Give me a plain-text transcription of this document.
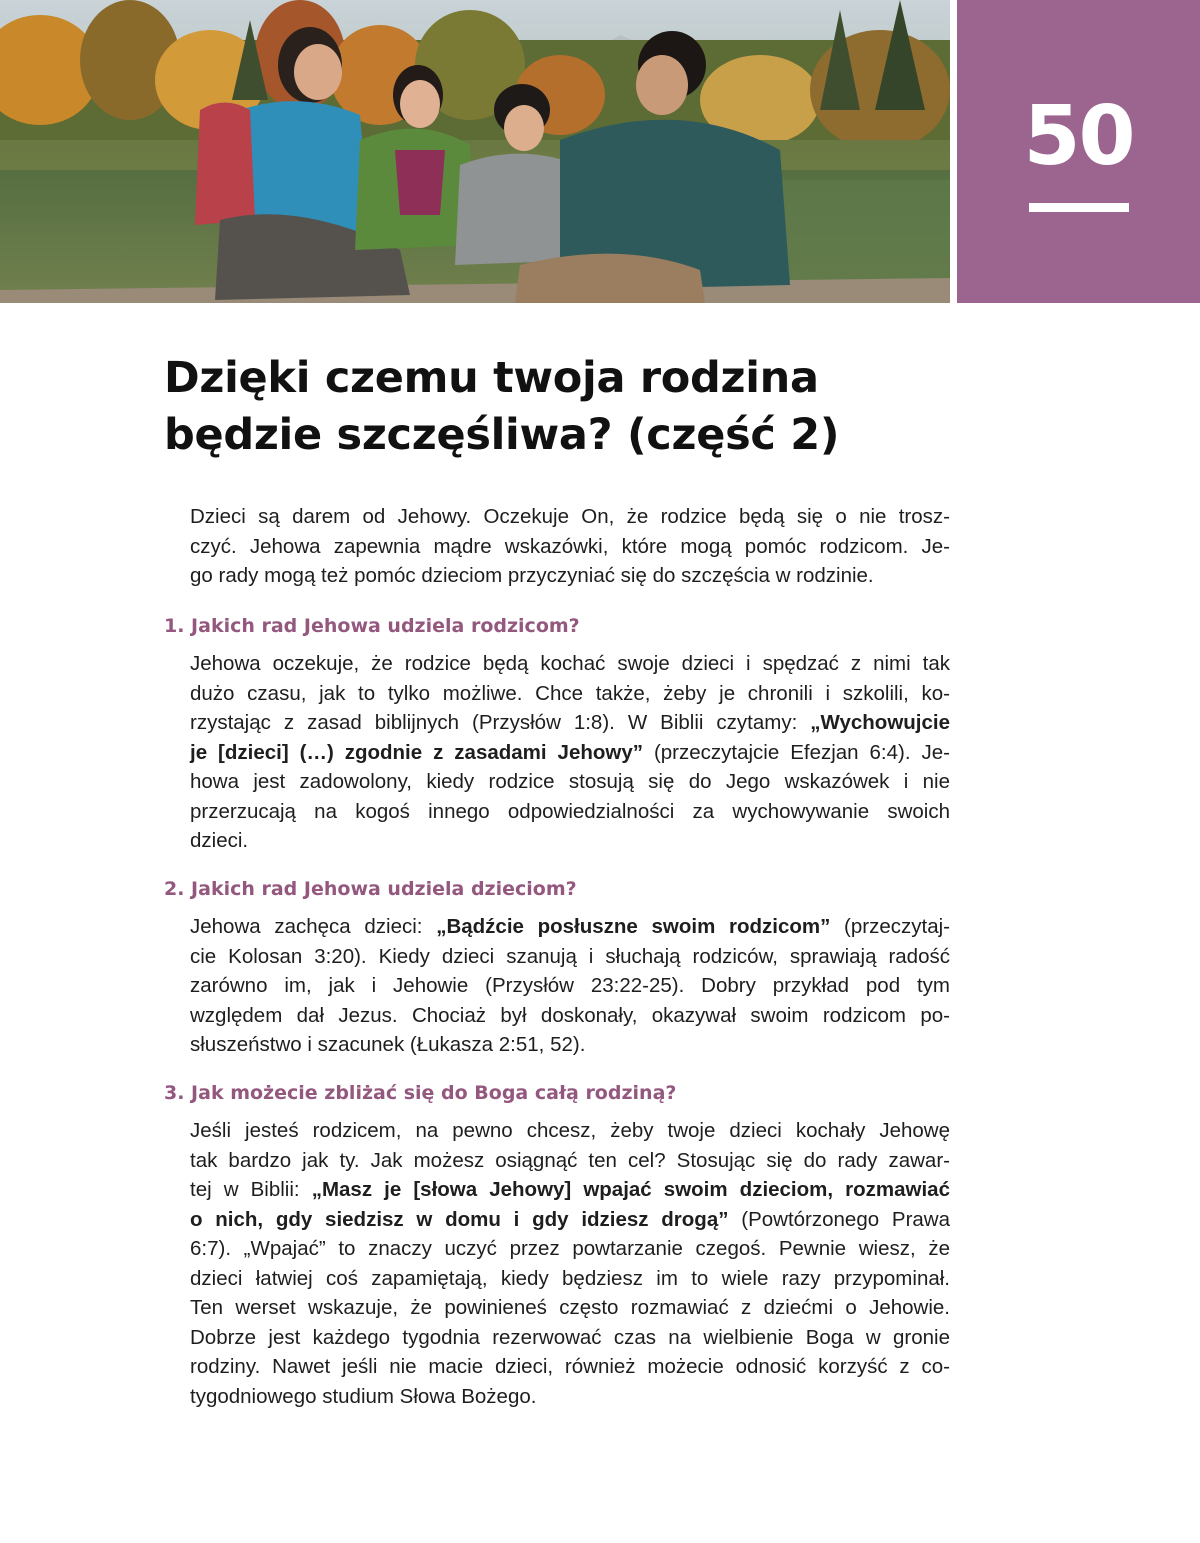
50
Dzięki czemu twoja rodzina
będzie szczęśliwa? (część 2)
Dzieci są darem od Jehowy. Oczekuje On, że rodzice będą się o nie trosz-
czyć. Jehowa zapewnia mądre wskazówki, które mogą pomóc rodzicom. Je-
go rady mogą też pomóc dzieciom przyczyniać się do szczęścia w rodzinie.
1. Jakich rad Jehowa udziela rodzicom?
Jehowa oczekuje, że rodzice będą kochać swoje dzieci i spędzać z nimi tak
dużo czasu, jak to tylko możliwe. Chce także, żeby je chronili i szkolili, ko-
rzystając z zasad biblijnych (Przysłów 1:8). W Biblii czytamy: „Wychowujcie
je [dzieci] (…) zgodnie z zasadami Jehowy” (przeczytajcie Efezjan 6:4). Je-
howa jest zadowolony, kiedy rodzice stosują się do Jego wskazówek i nie
przerzucają na kogoś innego odpowiedzialności za wychowywanie swoich
dzieci.
2. Jakich rad Jehowa udziela dzieciom?
Jehowa zachęca dzieci: „Bądźcie posłuszne swoim rodzicom” (przeczytaj-
cie Kolosan 3:20). Kiedy dzieci szanują i słuchają rodziców, sprawiają radość
zarówno im, jak i Jehowie (Przysłów 23:22-25). Dobry przykład pod tym
względem dał Jezus. Chociaż był doskonały, okazywał swoim rodzicom po-
słuszeństwo i szacunek (Łukasza 2:51, 52).
3. Jak możecie zbliżać się do Boga całą rodziną?
Jeśli jesteś rodzicem, na pewno chcesz, żeby twoje dzieci kochały Jehowę
tak bardzo jak ty. Jak możesz osiągnąć ten cel? Stosując się do rady zawar-
tej w Biblii: „Masz je [słowa Jehowy] wpajać swoim dzieciom, rozmawiać
o nich, gdy siedzisz w domu i gdy idziesz drogą” (Powtórzonego Prawa
6:7). „Wpajać” to znaczy uczyć przez powtarzanie czegoś. Pewnie wiesz, że
dzieci łatwiej coś zapamiętają, kiedy będziesz im to wiele razy przypominał.
Ten werset wskazuje, że powinieneś często rozmawiać z dziećmi o Jehowie.
Dobrze jest każdego tygodnia rezerwować czas na wielbienie Boga w gronie
rodziny. Nawet jeśli nie macie dzieci, również możecie odnosić korzyść z co-
tygodniowego studium Słowa Bożego.
